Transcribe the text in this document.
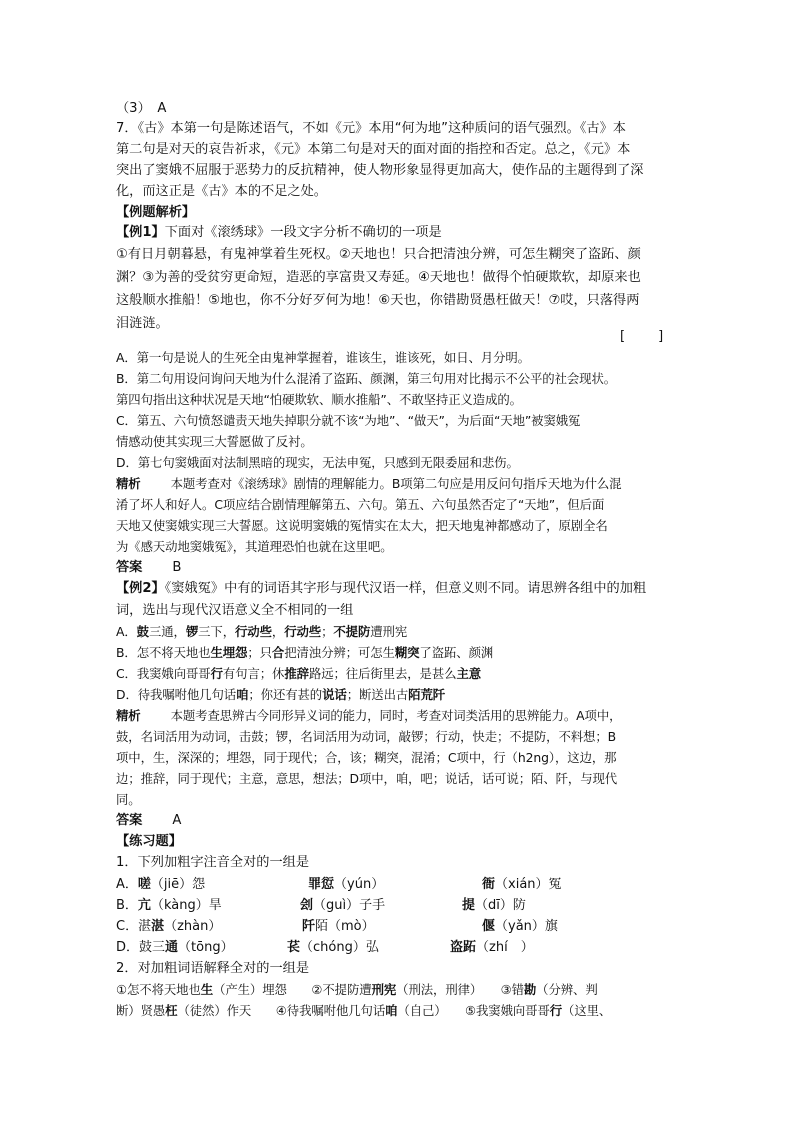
（3）　A
7．《古》本第一句是陈述语气，不如《元》本用“何为地”这种质问的语气强烈。《古》本
第二句是对天的哀告祈求，《元》本第二句是对天的面对面的指控和否定。总之，《元》本
突出了窦娥不屈服于恶势力的反抗精神，使人物形象显得更加高大，使作品的主题得到了深
化，而这正是《古》本的不足之处。
【例题解析】
【例1】下面对《滚绣球》一段文字分析不确切的一项是
①有日月朝暮悬，有鬼神掌着生死权。②天地也！只合把清浊分辨，可怎生糊突了盗跖、颜
渊？③为善的受贫穷更命短，造恶的享富贵又寿延。④天地也！做得个怕硬欺软，却原来也
这般顺水推船！⑤地也，你不分好歹何为地！⑥天也，你错勘贤愚枉做天！⑦哎，只落得两
泪涟涟。
[        ]
A．第一句是说人的生死全由鬼神掌握着，谁该生，谁该死，如日、月分明。
B．第二句用设问询问天地为什么混淆了盗跖、颜渊，第三句用对比揭示不公平的社会现状。
第四句指出这种状况是天地“怕硬欺软、顺水推船”、不敢坚持正义造成的。
C．第五、六句愤怒谴责天地失掉职分就不该“为地”、“做天”，为后面“天地”被窦娥冤
情感动使其实现三大誓愿做了反衬。
D．第七句窦娥面对法制黑暗的现实，无法申冤，只感到无限委屈和悲伤。
精析 本题考查对《滚绣球》剧情的理解能力。B项第二句应是用反问句指斥天地为什么混
淆了坏人和好人。C项应结合剧情理解第五、六句。第五、六句虽然否定了“天地”，但后面
天地又使窦娥实现三大誓愿。这说明窦娥的冤情实在太大，把天地鬼神都感动了，原剧全名
为《感天动地窦娥冤》，其道理恐怕也就在这里吧。
答案 B
【例2】《窦娥冤》中有的词语其字形与现代汉语一样，但意义则不同。请思辨各组中的加粗
词，选出与现代汉语意义全不相同的一组
A．鼓三通，锣三下，行动些，行动些；不提防遭刑宪
B．怎不将天地也生埋怨；只合把清浊分辨；可怎生糊突了盗跖、颜渊
C．我窦娥向哥哥行有句言；休推辞路远；往后街里去，是甚么主意
D．待我嘱咐他几句话咱；你还有甚的说话；断送出古陌荒阡
精析 本题考查思辨古今同形异义词的能力，同时，考查对词类活用的思辨能力。A项中，
鼓，名词活用为动词，击鼓；锣，名词活用为动词，敲锣；行动，快走；不提防，不料想；B
项中，生，深深的；埋怨，同于现代；合，该；糊突，混淆；C项中，行（h2ng），这边，那
边；推辞，同于现代；主意，意思，想法；D项中，咱，吧；说话，话可说；陌、阡，与现代
同。
答案 A
【练习题】
1．下列加粗字注音全对的一组是
A．嗟（jiē）怨	罪愆（yún）	衙（xián）冤
B．亢（kàng）旱	刽（guì）子手	提（dī）防
C．湛湛（zhàn）	阡陌（mò）	偃（yǎn）旗
D．鼓三通（tōng）	苌（chóng）弘	盗跖（zhí　）
2．对加粗词语解释全对的一组是
①怎不将天地也生（产生）埋怨　　②不提防遭刑宪（刑法，刑律）　　③错勘（分辨、判
断）贤愚枉（徒然）作天　　④待我嘱咐他几句话咱（自己）　　⑤我窦娥向哥哥行（这里、
